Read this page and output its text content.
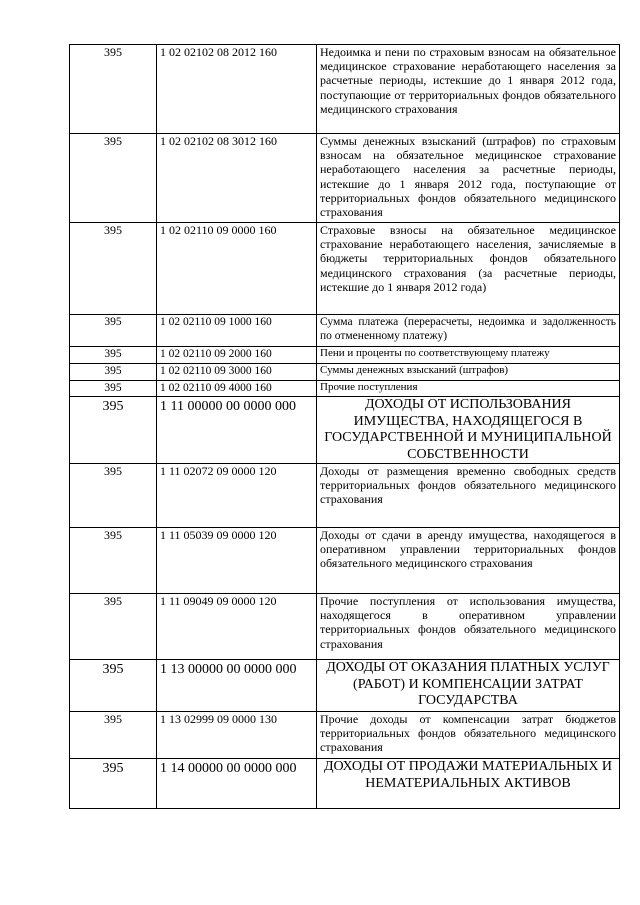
395	1 02 02102 08 2012 160	Недоимка и пени по страховым взносам на обязательное медицинское страхование неработающего населения за расчетные периоды, истекшие до 1 января 2012 года, поступающие от территориальных фондов обязательного медицинского страхования
395	1 02 02102 08 3012 160	Суммы денежных взысканий (штрафов) по страховым взносам на обязательное медицинское страхование неработающего населения за расчетные периоды, истекшие до 1 января 2012 года, поступающие от территориальных фондов обязательного медицинского страхования
395	1 02 02110 09 0000 160	Страховые взносы на обязательное медицинское страхование неработающего населения, зачисляемые в бюджеты территориальных фондов обязательного медицинского страхования (за расчетные периоды, истекшие до 1 января 2012 года)
395	1 02 02110 09 1000 160	Сумма платежа (перерасчеты, недоимка и задолженность по отмененному платежу)
395	1 02 02110 09 2000 160	Пени и проценты по соответствующему платежу
395	1 02 02110 09 3000 160	Суммы денежных взысканий (штрафов)
395	1 02 02110 09 4000 160	Прочие поступления
395	1 11 00000 00 0000 000	ДОХОДЫ ОТ ИСПОЛЬЗОВАНИЯ ИМУЩЕСТВА, НАХОДЯЩЕГОСЯ В ГОСУДАРСТВЕННОЙ И МУНИЦИПАЛЬНОЙ СОБСТВЕННОСТИ
395	1 11 02072 09 0000 120	Доходы от размещения временно свободных средств территориальных фондов обязательного медицинского страхования
395	1 11 05039 09 0000 120	Доходы от сдачи в аренду имущества, находящегося в оперативном управлении территориальных фондов обязательного медицинского страхования
395	1 11 09049 09 0000 120	Прочие поступления от использования имущества, находящегося в оперативном управлении территориальных фондов обязательного медицинского страхования
395	1 13 00000 00 0000 000	ДОХОДЫ ОТ ОКАЗАНИЯ ПЛАТНЫХ УСЛУГ (РАБОТ) И КОМПЕНСАЦИИ ЗАТРАТ ГОСУДАРСТВА
395	1 13 02999 09 0000 130	Прочие доходы от компенсации затрат бюджетов территориальных фондов обязательного медицинского страхования
395	1 14 00000 00 0000 000	ДОХОДЫ ОТ ПРОДАЖИ МАТЕРИАЛЬНЫХ И НЕМАТЕРИАЛЬНЫХ АКТИВОВ
